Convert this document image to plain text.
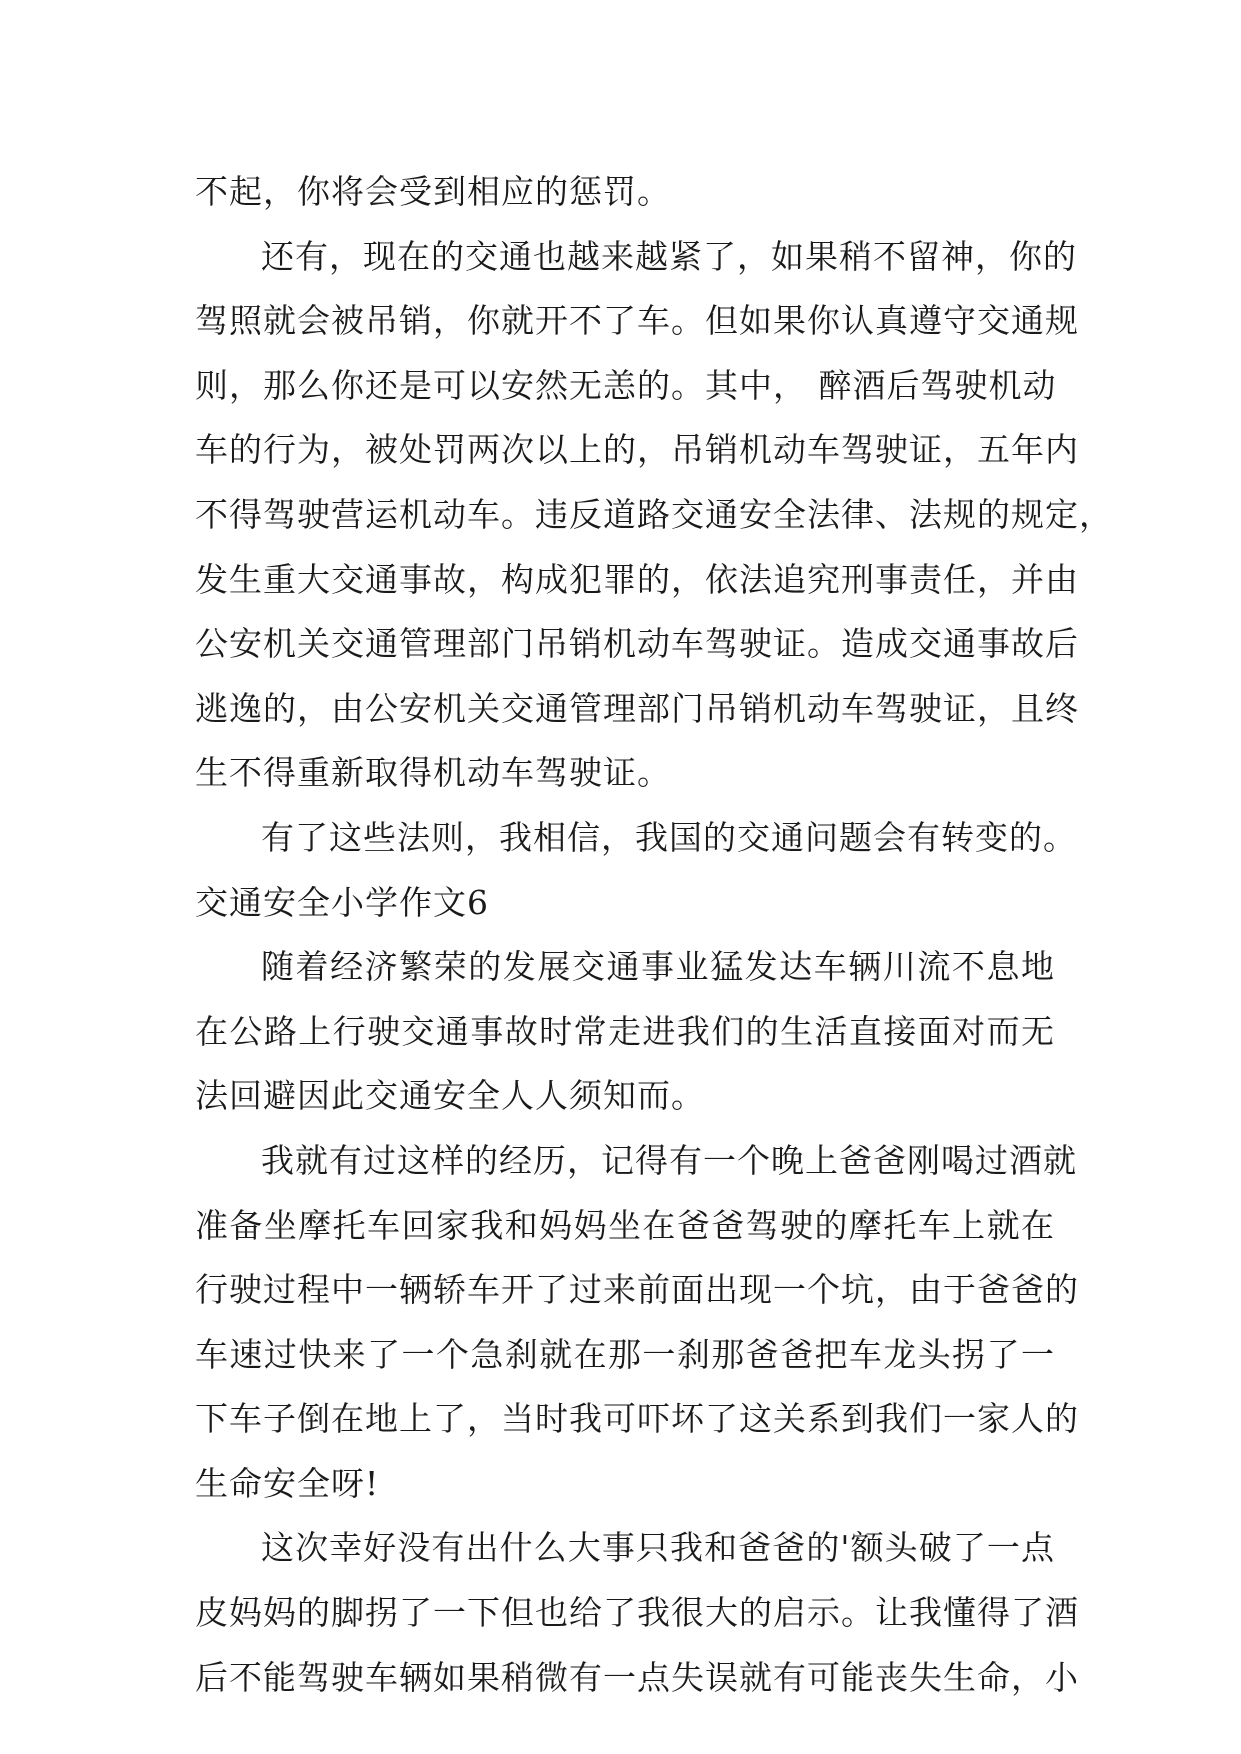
不起，你将会受到相应的惩罚。
还有，现在的交通也越来越紧了，如果稍不留神，你的
驾照就会被吊销，你就开不了车。但如果你认真遵守交通规
则，那么你还是可以安然无恙的。其中， 醉酒后驾驶机动
车的行为，被处罚两次以上的，吊销机动车驾驶证，五年内
不得驾驶营运机动车。违反道路交通安全法律、法规的规定，
发生重大交通事故，构成犯罪的，依法追究刑事责任，并由
公安机关交通管理部门吊销机动车驾驶证。造成交通事故后
逃逸的，由公安机关交通管理部门吊销机动车驾驶证，且终
生不得重新取得机动车驾驶证。
有了这些法则，我相信，我国的交通问题会有转变的。
交通安全小学作文6
随着经济繁荣的发展交通事业猛发达车辆川流不息地
在公路上行驶交通事故时常走进我们的生活直接面对而无
法回避因此交通安全人人须知而。
我就有过这样的经历，记得有一个晚上爸爸刚喝过酒就
准备坐摩托车回家我和妈妈坐在爸爸驾驶的摩托车上就在
行驶过程中一辆轿车开了过来前面出现一个坑，由于爸爸的
车速过快来了一个急刹就在那一刹那爸爸把车龙头拐了一
下车子倒在地上了，当时我可吓坏了这关系到我们一家人的
生命安全呀!
这次幸好没有出什么大事只我和爸爸的'额头破了一点
皮妈妈的脚拐了一下但也给了我很大的启示。让我懂得了酒
后不能驾驶车辆如果稍微有一点失误就有可能丧失生命，小
